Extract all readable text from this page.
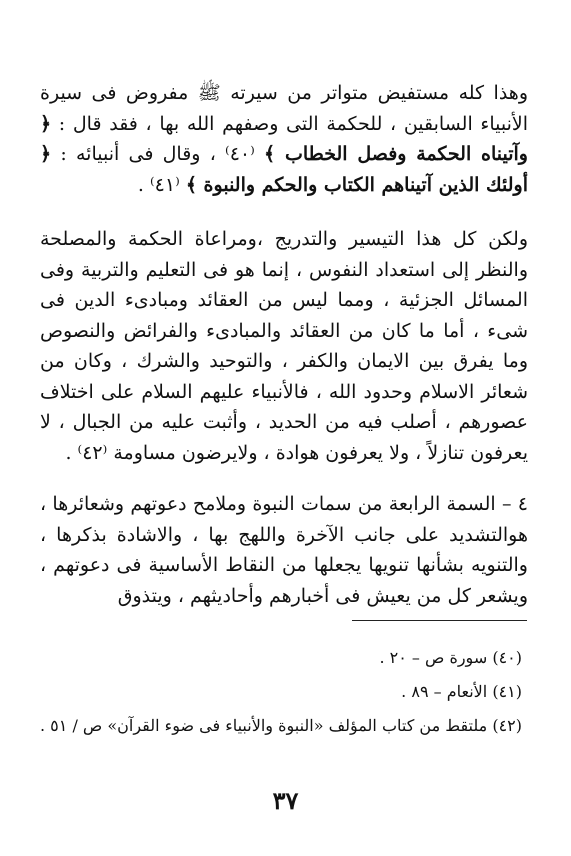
وهذا كله مستفيض متواتر من سيرته ﷺ مفروض فى سيرة الأنبياء السابقين ، للحكمة التى وصفهم الله بها ، فقد قال : ﴿ وآتيناه الحكمة وفصل الخطاب ﴾ ⁽٤٠⁾ ، وقال فى أنبيائه : ﴿ أولئك الذين آتيناهم الكتاب والحكم والنبوة ﴾ ⁽٤١⁾ .

ولكن كل هذا التيسير والتدريج ،ومراعاة الحكمة والمصلحة والنظر إلى استعداد النفوس ، إنما هو فى التعليم والتربية وفى المسائل الجزئية ، ومما ليس من العقائد ومبادىء الدين فى شىء ، أما ما كان من العقائد والمبادىء والفرائض والنصوص وما يفرق بين الايمان والكفر ، والتوحيد والشرك ، وكان من شعائر الاسلام وحدود الله ، فالأنبياء عليهم السلام على اختلاف عصورهم ، أصلب فيه من الحديد ، وأثبت عليه من الجبال ، لا يعرفون تنازلاً ، ولا يعرفون هوادة ، ولايرضون مساومة ⁽٤٢⁾ .

٤ – السمة الرابعة من سمات النبوة وملامح دعوتهم وشعائرها ، هوالتشديد على جانب الآخرة واللهج بها ، والاشادة بذكرها ، والتنويه بشأنها تنويها يجعلها من النقاط الأساسية فى دعوتهم ، ويشعر كل من يعيش فى أخبارهم وأحاديثهم ، ويتذوق

(٤٠) سورة ص – ٢٠ .

(٤١) الأنعام – ٨٩ .

(٤٢) ملتقط من كتاب المؤلف «النبوة والأنبياء فى ضوء القرآن» ص / ٥١ .

٣٧
